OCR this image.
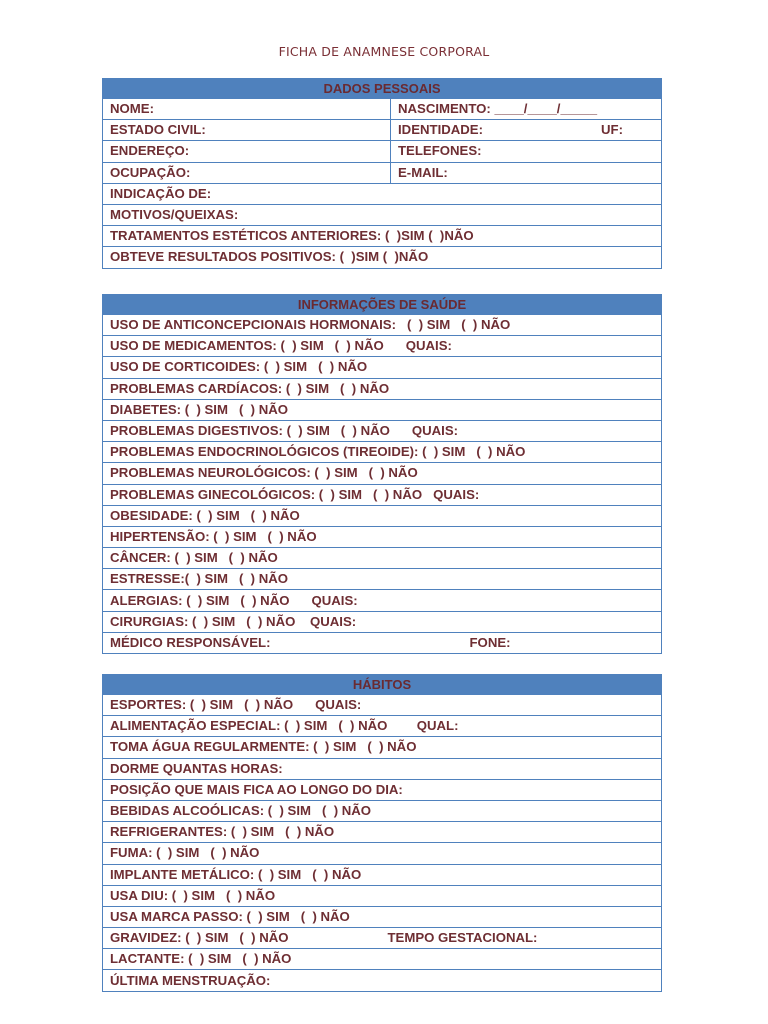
FICHA DE ANAMNESE CORPORAL
DADOS PESSOAIS	
NOME:	NASCIMENTO: ____/____/_____
ESTADO CIVIL:	IDENTIDADE: UF:

ENDEREÇO:	TELEFONES:
OCUPAÇÃO:	E-MAIL:
INDICAÇÃO DE:	
MOTIVOS/QUEIXAS:	
TRATAMENTOS ESTÉTICOS ANTERIORES: (  )SIM (  )NÃO	
OBTEVE RESULTADOS POSITIVOS: (  )SIM (  )NÃO	
INFORMAÇÕES DE SAÚDE
USO DE ANTICONCEPCIONAIS HORMONAIS:   (  ) SIM   (  ) NÃO
USO DE MEDICAMENTOS: (  ) SIM   (  ) NÃO      QUAIS:
USO DE CORTICOIDES: (  ) SIM   (  ) NÃO
PROBLEMAS CARDÍACOS: (  ) SIM   (  ) NÃO
DIABETES: (  ) SIM   (  ) NÃO
PROBLEMAS DIGESTIVOS: (  ) SIM   (  ) NÃO      QUAIS:
PROBLEMAS ENDOCRINOLÓGICOS (TIREOIDE): (  ) SIM   (  ) NÃO
PROBLEMAS NEUROLÓGICOS: (  ) SIM   (  ) NÃO
PROBLEMAS GINECOLÓGICOS: (  ) SIM   (  ) NÃO   QUAIS:
OBESIDADE: (  ) SIM   (  ) NÃO
HIPERTENSÃO: (  ) SIM   (  ) NÃO
CÂNCER: (  ) SIM   (  ) NÃO
ESTRESSE:(  ) SIM   (  ) NÃO
ALERGIAS: (  ) SIM   (  ) NÃO      QUAIS:
CIRURGIAS: (  ) SIM   (  ) NÃO    QUAIS:
MÉDICO RESPONSÁVEL:	FONE:
HÁBITOS
ESPORTES: (  ) SIM   (  ) NÃO      QUAIS:
ALIMENTAÇÃO ESPECIAL: (  ) SIM   (  ) NÃO        QUAL:
TOMA ÁGUA REGULARMENTE: (  ) SIM   (  ) NÃO
DORME QUANTAS HORAS:
POSIÇÃO QUE MAIS FICA AO LONGO DO DIA:
BEBIDAS ALCOÓLICAS: (  ) SIM   (  ) NÃO
REFRIGERANTES: (  ) SIM   (  ) NÃO
FUMA: (  ) SIM   (  ) NÃO
IMPLANTE METÁLICO: (  ) SIM   (  ) NÃO
USA DIU: (  ) SIM   (  ) NÃO
USA MARCA PASSO: (  ) SIM   (  ) NÃO
GRAVIDEZ: (  ) SIM   (  ) NÃO	TEMPO GESTACIONAL:

LACTANTE: (  ) SIM   (  ) NÃO
ÚLTIMA MENSTRUAÇÃO:
